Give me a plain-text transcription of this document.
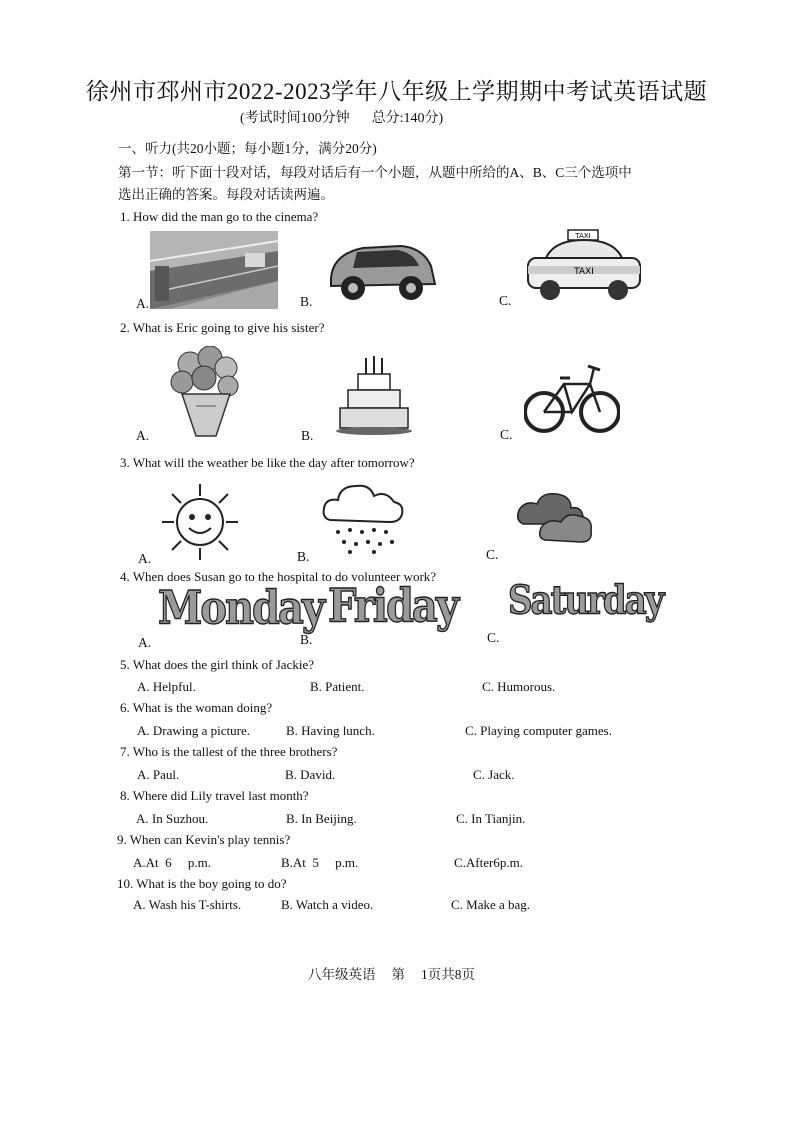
徐州市邳州市2022-2023学年八年级上学期期中考试英语试题
(考试时间100分钟 总分:140分)
一、听力(共20小题；每小题1分，满分20分)
第一节：听下面十段对话，每段对话后有一个小题，从题中所给的A、B、C三个选项中
选出正确的答案。每段对话读两遍。
1. How did the man go to the cinema?
A.	B.	C.
TAXI
TAXI
2. What is Eric going to give his sister?
A.	B.	C.
3. What will the weather be like the day after tomorrow?
A.	B.	C.
4. When does Susan go to the hospital to do volunteer work?
A.
Monday
B.
Friday
C.
Saturday
5. What does the girl think of Jackie?
A. Helpful.	B. Patient.	C. Humorous.
6. What is the woman doing?
A. Drawing a picture.	B. Having lunch.	C. Playing computer games.
7. Who is the tallest of the three brothers?
A. Paul.	B. David.	C. Jack.
8. Where did Lily travel last month?
A. In Suzhou.	B. In Beijing.	C. In Tianjin.
9. When can Kevin's play tennis?
A.At  6     p.m.	B.At  5     p.m.	C.After6p.m.
10. What is the boy going to do?
A. Wash his T-shirts.	B. Watch a video.	C. Make a bag.
八年级英语 第 1页共8页
